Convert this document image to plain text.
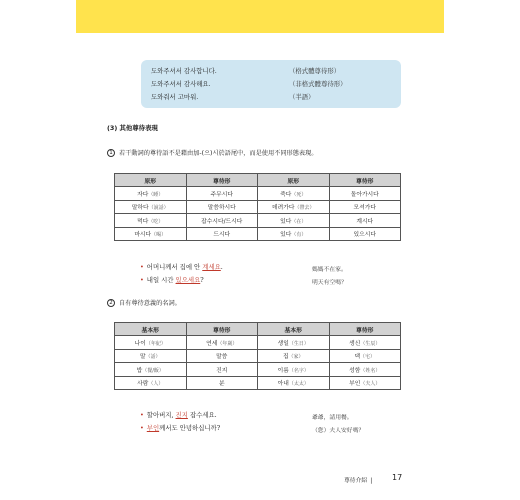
도와주셔서 감사합니다.	（格式體尊待形）
도와주셔서 감사해요.	（非格式體尊待形）
도와줘서 고마워.	（半語）
(3) 其他尊待表現
1 若干動詞的尊待語不是藉由加-(으)시於語尾中，而是使用不同形態表現。
原形	尊待形	原形	尊待形
자다（睡）	주무시다	죽다（死）	돌아가시다
말하다（說話）	말씀하시다	데려가다（帶去）	모셔가다
먹다（吃）	잡수시다/드시다	있다（在）	계시다
마시다（喝）	드시다	있다（有）	있으시다
• 어머니께서 집에 안 계세요.	媽媽不在家。
• 내일 시간 있으세요?	明天有空嗎？
2 自有尊待意義的名詞。
基本形	尊待形	基本形	尊待形
나이（年紀）	연세（年歲）	생일（生日）	생신（生辰）
말（話）	말씀	집（家）	댁（宅）
밥（餐/飯）	진지	이름（名字）	성함（姓名）
사람（人）	분	아내（太太）	부인（夫人）
• 할아버지, 진지 잡수세요.	爺爺，請用餐。
• 부인께서도 안녕하십니까?	（您）夫人安好嗎？
尊待介紹 |	17
